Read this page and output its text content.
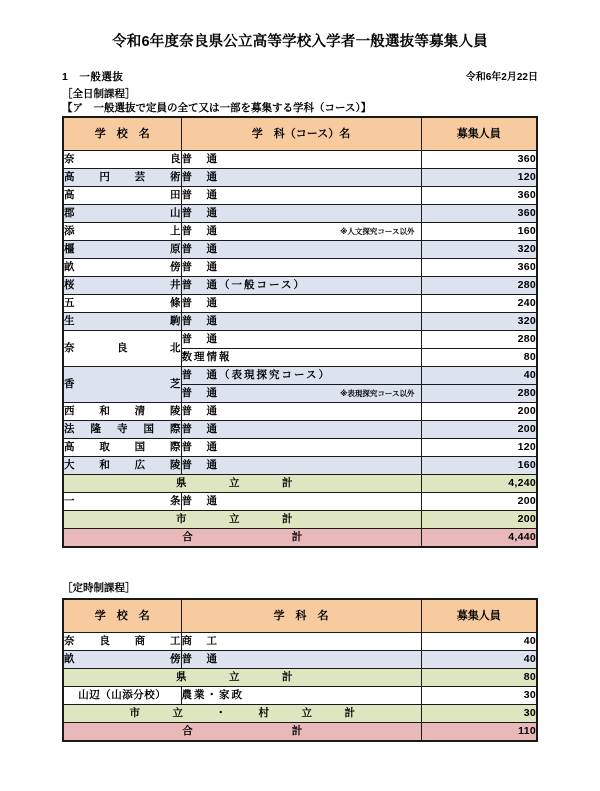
令和6年度奈良県公立高等学校入学者一般選抜等募集人員
1　一般選抜	令和6年2月22日
［全日制課程］
【ア　一般選抜で定員の全て又は一部を募集する学科（コース）】
学　校　名	学　科（コース）名	募集人員

奈 良	普　通	360

高 円 芸 術	普　通	120

高 田	普　通	360

郡 山	普　通	360

添 上	普　通 ※人文探究コース以外	160

橿 原	普　通	320

畝 傍	普　通	360

桜 井	普　通（一般コース）	280

五 條	普　通	240

生 駒	普　通	320

奈 良 北	普　通	280
	数理情報	80

香 芝	普　通（表現探究コース）	40
	普　通 ※表現探究コース以外	280

西 和 清 陵	普　通	200

法 隆 寺 国 際	普　通	200

高 取 国 際	普　通	120

大 和 広 陵	普　通	160
県　立　計		4,240

一 条	普　通	200
市　立　計		200
合　　計		4,440
［定時制課程］
学　校　名	学　科　名	募集人員

奈 良 商 工	商　工	40

畝 傍	普　通	40
県　立　計		80

山辺（山添分校）	農業・家政	30
市　立　・　村　立　計		30
合　　計		110
